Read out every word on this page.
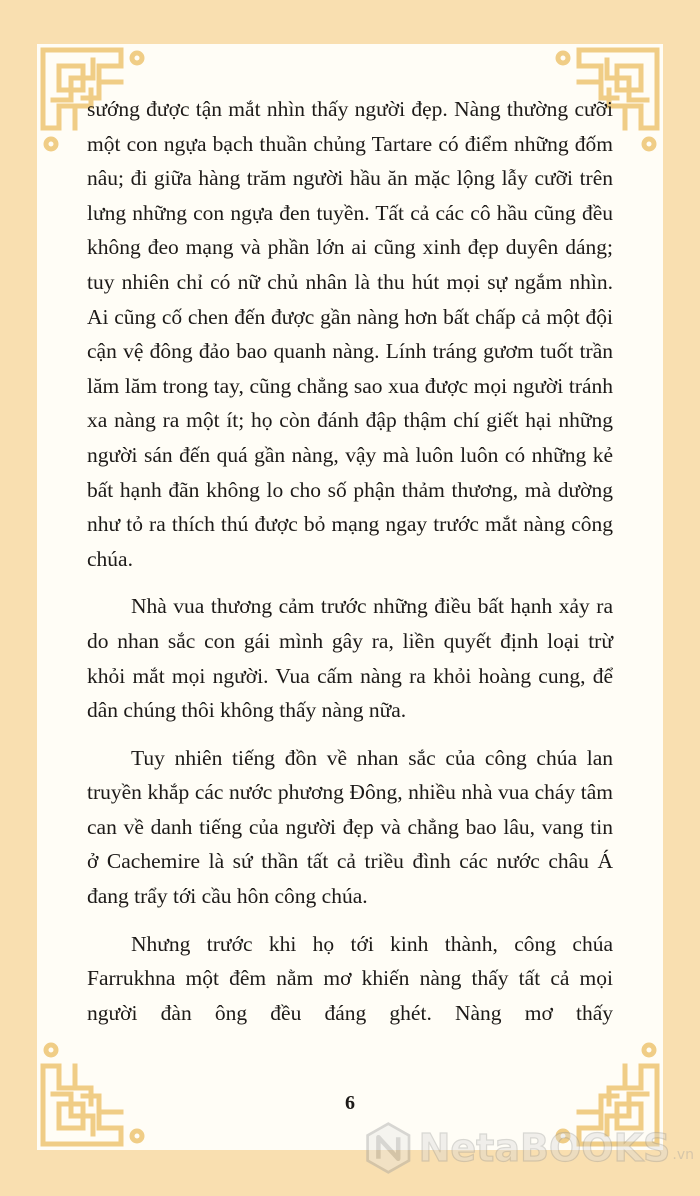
sướng được tận mắt nhìn thấy người đẹp. Nàng thường cưỡi một con ngựa bạch thuần chủng Tartare có điểm những đốm nâu; đi giữa hàng trăm người hầu ăn mặc lộng lẫy cưỡi trên lưng những con ngựa đen tuyền. Tất cả các cô hầu cũng đều không đeo mạng và phần lớn ai cũng xinh đẹp duyên dáng; tuy nhiên chỉ có nữ chủ nhân là thu hút mọi sự ngắm nhìn. Ai cũng cố chen đến được gần nàng hơn bất chấp cả một đội cận vệ đông đảo bao quanh nàng. Lính tráng gươm tuốt trần lăm lăm trong tay, cũng chẳng sao xua được mọi người tránh xa nàng ra một ít; họ còn đánh đập thậm chí giết hại những người sán đến quá gần nàng, vậy mà luôn luôn có những kẻ bất hạnh đãn không lo cho số phận thảm thương, mà dường như tỏ ra thích thú được bỏ mạng ngay trước mắt nàng công chúa.

Nhà vua thương cảm trước những điều bất hạnh xảy ra do nhan sắc con gái mình gây ra, liền quyết định loại trừ khỏi mắt mọi người. Vua cấm nàng ra khỏi hoàng cung, để dân chúng thôi không thấy nàng nữa.

Tuy nhiên tiếng đồn về nhan sắc của công chúa lan truyền khắp các nước phương Đông, nhiều nhà vua cháy tâm can về danh tiếng của người đẹp và chẳng bao lâu, vang tin ở Cachemire là sứ thần tất cả triều đình các nước châu Á đang trẩy tới cầu hôn công chúa.

Nhưng trước khi họ tới kinh thành, công chúa Farrukhna một đêm nằm mơ khiến nàng thấy tất cả mọi người đàn ông đều đáng ghét. Nàng mơ thấy

6
NetaBOOKS .vn
